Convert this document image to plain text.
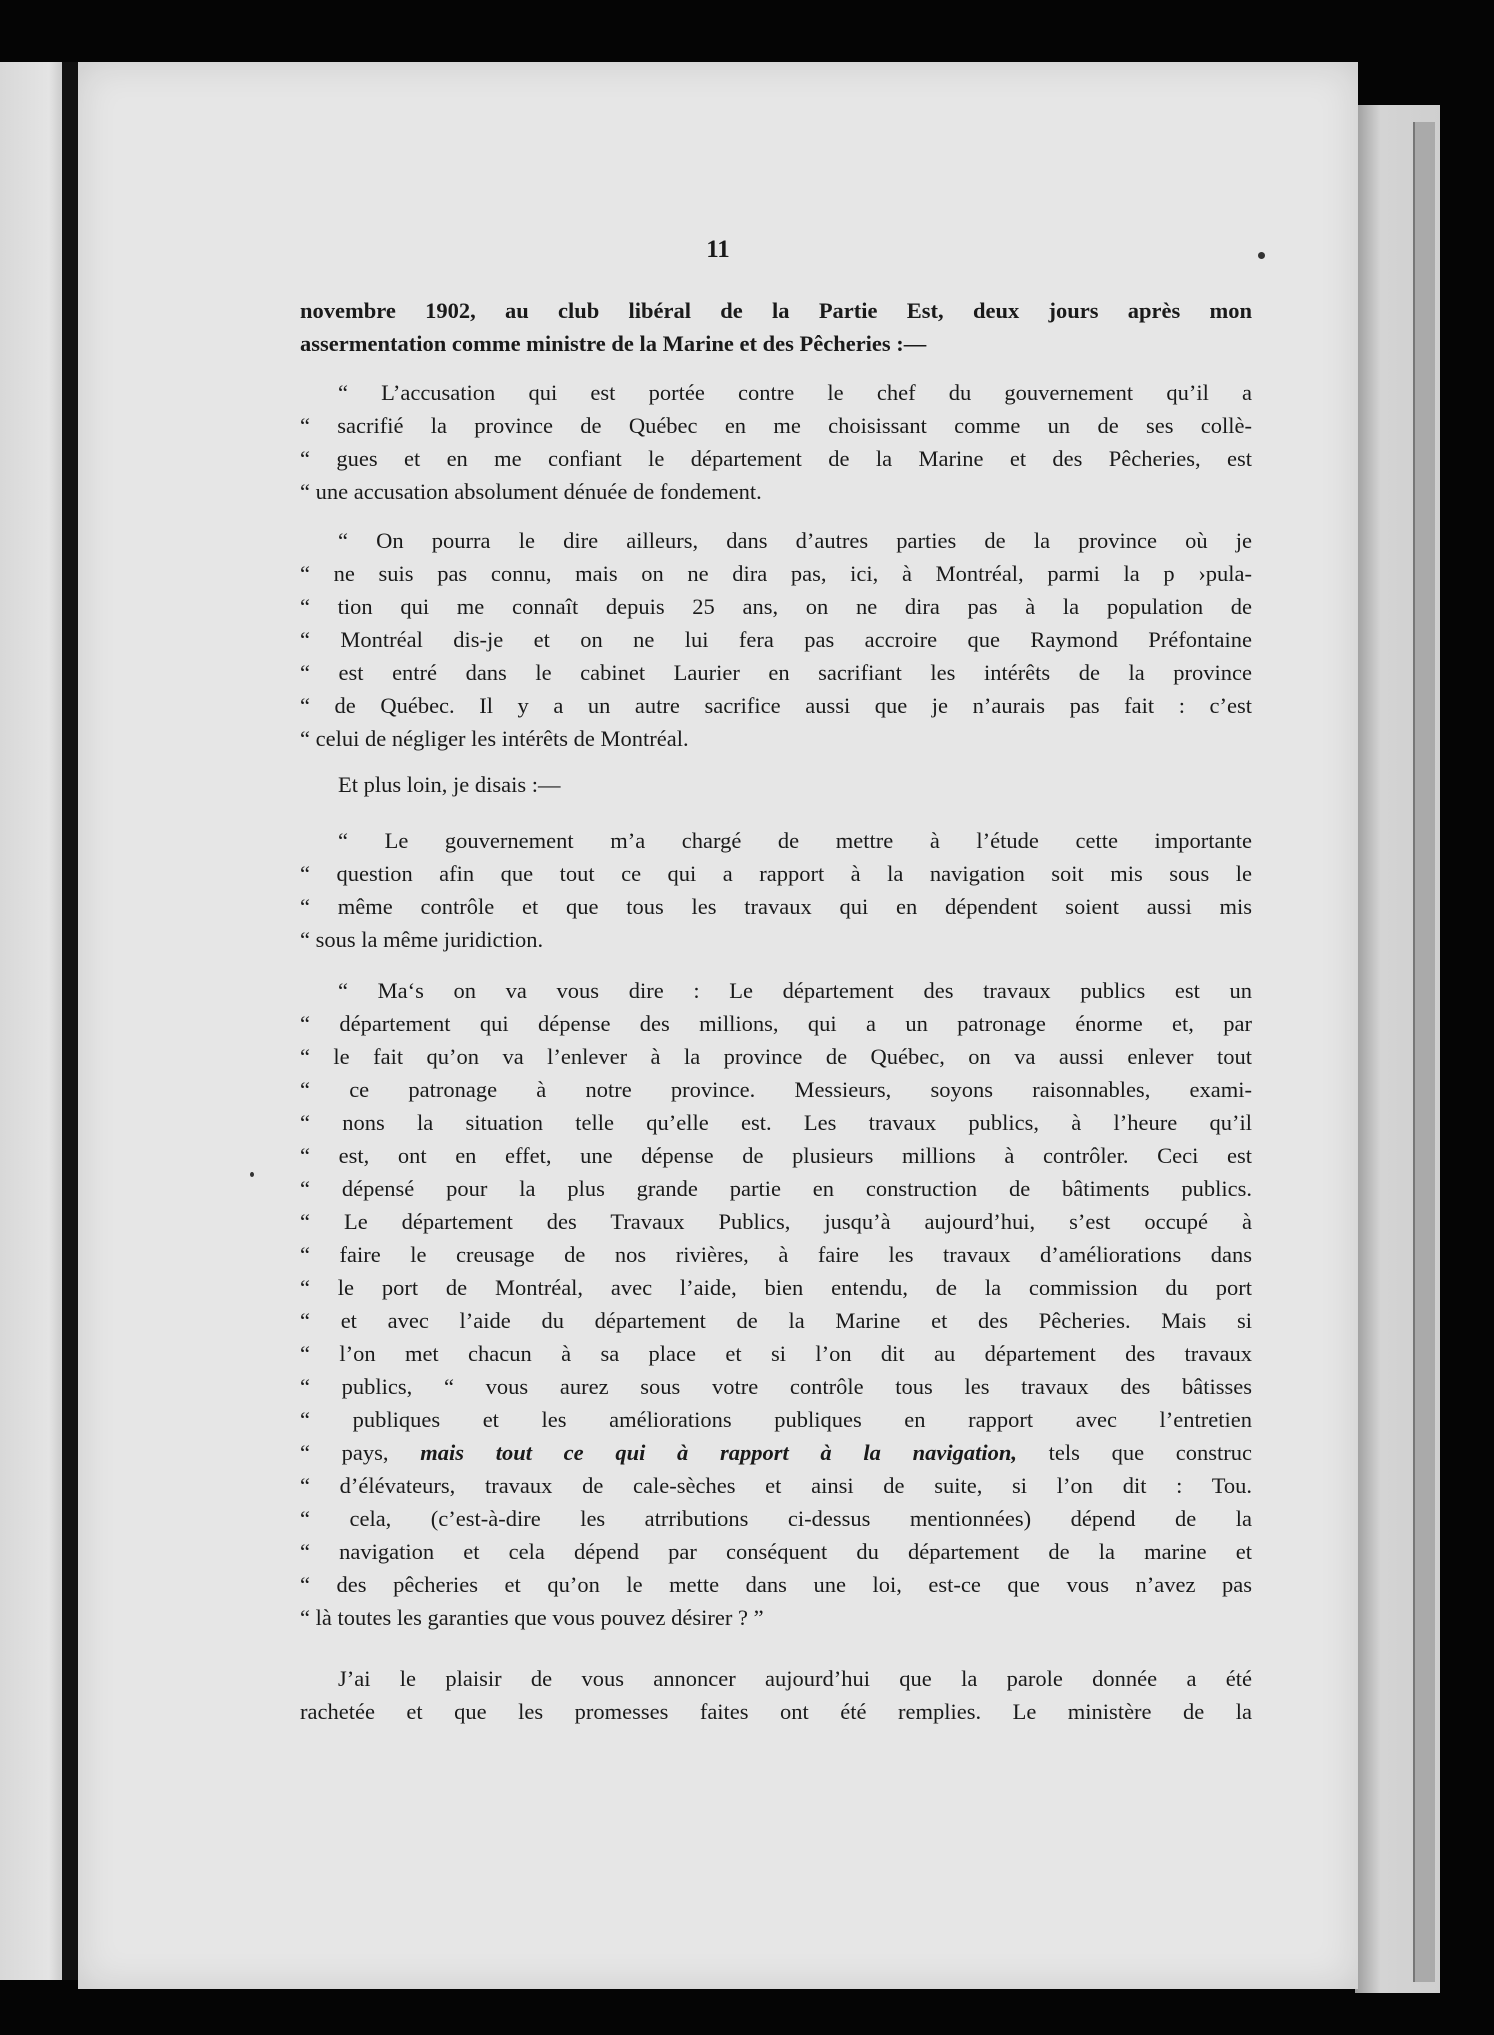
11
novembre 1902, au club libéral de la Partie Est, deux jours après mon
assermentation comme ministre de la Marine et des Pêcheries :—
“ L’accusation qui est portée contre le chef du gouvernement qu’il a
“ sacrifié la province de Québec en me choisissant comme un de ses collè-
“ gues et en me confiant le département de la Marine et des Pêcheries, est
“ une accusation absolument dénuée de fondement.
“ On pourra le dire ailleurs, dans d’autres parties de la province où je
“ ne suis pas connu, mais on ne dira pas, ici, à Montréal, parmi la p ›pula-
“ tion qui me connaît depuis 25 ans, on ne dira pas à la population de
“ Montréal dis-je et on ne lui fera pas accroire que Raymond Préfontaine
“ est entré dans le cabinet Laurier en sacrifiant les intérêts de la province
“ de Québec. Il y a un autre sacrifice aussi que je n’aurais pas fait : c’est
“ celui de négliger les intérêts de Montréal.
Et plus loin, je disais :—
“ Le gouvernement m’a chargé de mettre à l’étude cette importante
“ question afin que tout ce qui a rapport à la navigation soit mis sous le
“ même contrôle et que tous les travaux qui en dépendent soient aussi mis
“ sous la même juridiction.
“ Ma‘s on va vous dire : Le département des travaux publics est un
“ département qui dépense des millions, qui a un patronage énorme et, par
“ le fait qu’on va l’enlever à la province de Québec, on va aussi enlever tout
“ ce patronage à notre province. Messieurs, soyons raisonnables, exami-
“ nons la situation telle qu’elle est. Les travaux publics, à l’heure qu’il
“ est, ont en effet, une dépense de plusieurs millions à contrôler. Ceci est
“ dépensé pour la plus grande partie en construction de bâtiments publics.
“ Le département des Travaux Publics, jusqu’à aujourd’hui, s’est occupé à
“ faire le creusage de nos rivières, à faire les travaux d’améliorations dans
“ le port de Montréal, avec l’aide, bien entendu, de la commission du port
“ et avec l’aide du département de la Marine et des Pêcheries. Mais si
“ l’on met chacun à sa place et si l’on dit au département des travaux
“ publics, “ vous aurez sous votre contrôle tous les travaux des bâtisses
“ publiques et les améliorations publiques en rapport avec l’entretien
“ pays, mais tout ce qui à rapport à la navigation, tels que construc
“ d’élévateurs, travaux de cale-sèches et ainsi de suite, si l’on dit : Tou.
“ cela, (c’est-à-dire les atrributions ci-dessus mentionnées) dépend de la
“ navigation et cela dépend par conséquent du département de la marine et
“ des pêcheries et qu’on le mette dans une loi, est-ce que vous n’avez pas
“ là toutes les garanties que vous pouvez désirer ? ”
J’ai le plaisir de vous annoncer aujourd’hui que la parole donnée a été
rachetée et que les promesses faites ont été remplies. Le ministère de la
